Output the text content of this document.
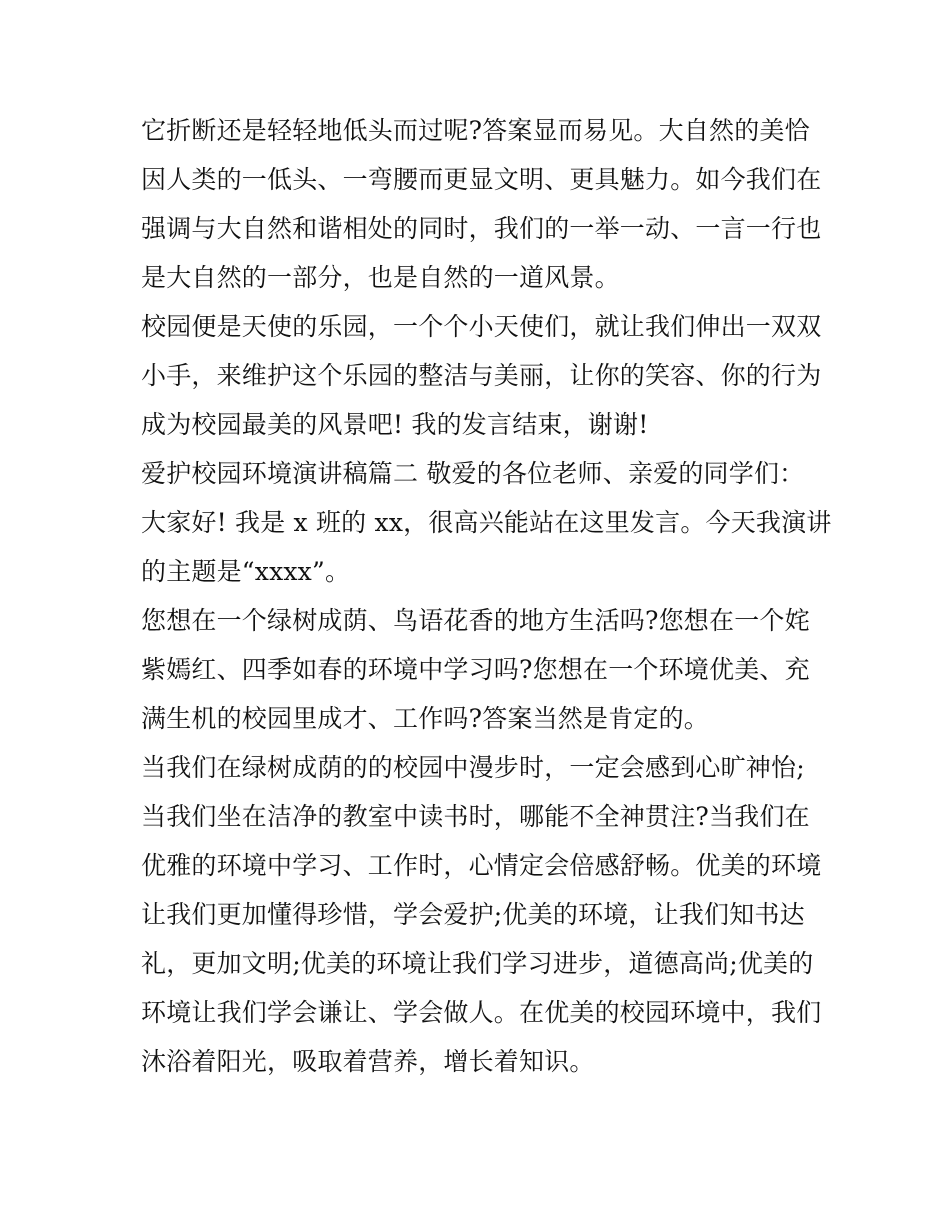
它折断还是轻轻地低头而过呢?答案显而易见。大自然的美恰
因人类的一低头、一弯腰而更显文明、更具魅力。如今我们在
强调与大自然和谐相处的同时，我们的一举一动、一言一行也
是大自然的一部分，也是自然的一道风景。
校园便是天使的乐园，一个个小天使们，就让我们伸出一双双
小手，来维护这个乐园的整洁与美丽，让你的笑容、你的行为
成为校园最美的风景吧! 我的发言结束，谢谢!
爱护校园环境演讲稿篇二 敬爱的各位老师、亲爱的同学们：
大家好! 我是 x 班的 xx，很高兴能站在这里发言。今天我演讲
的主题是“xxxx”。
您想在一个绿树成荫、鸟语花香的地方生活吗?您想在一个姹
紫嫣红、四季如春的环境中学习吗?您想在一个环境优美、充
满生机的校园里成才、工作吗?答案当然是肯定的。
当我们在绿树成荫的的校园中漫步时，一定会感到心旷神怡;
当我们坐在洁净的教室中读书时，哪能不全神贯注?当我们在
优雅的环境中学习、工作时，心情定会倍感舒畅。优美的环境
让我们更加懂得珍惜，学会爱护;优美的环境，让我们知书达
礼，更加文明;优美的环境让我们学习进步，道德高尚;优美的
环境让我们学会谦让、学会做人。在优美的校园环境中，我们
沐浴着阳光，吸取着营养，增长着知识。
